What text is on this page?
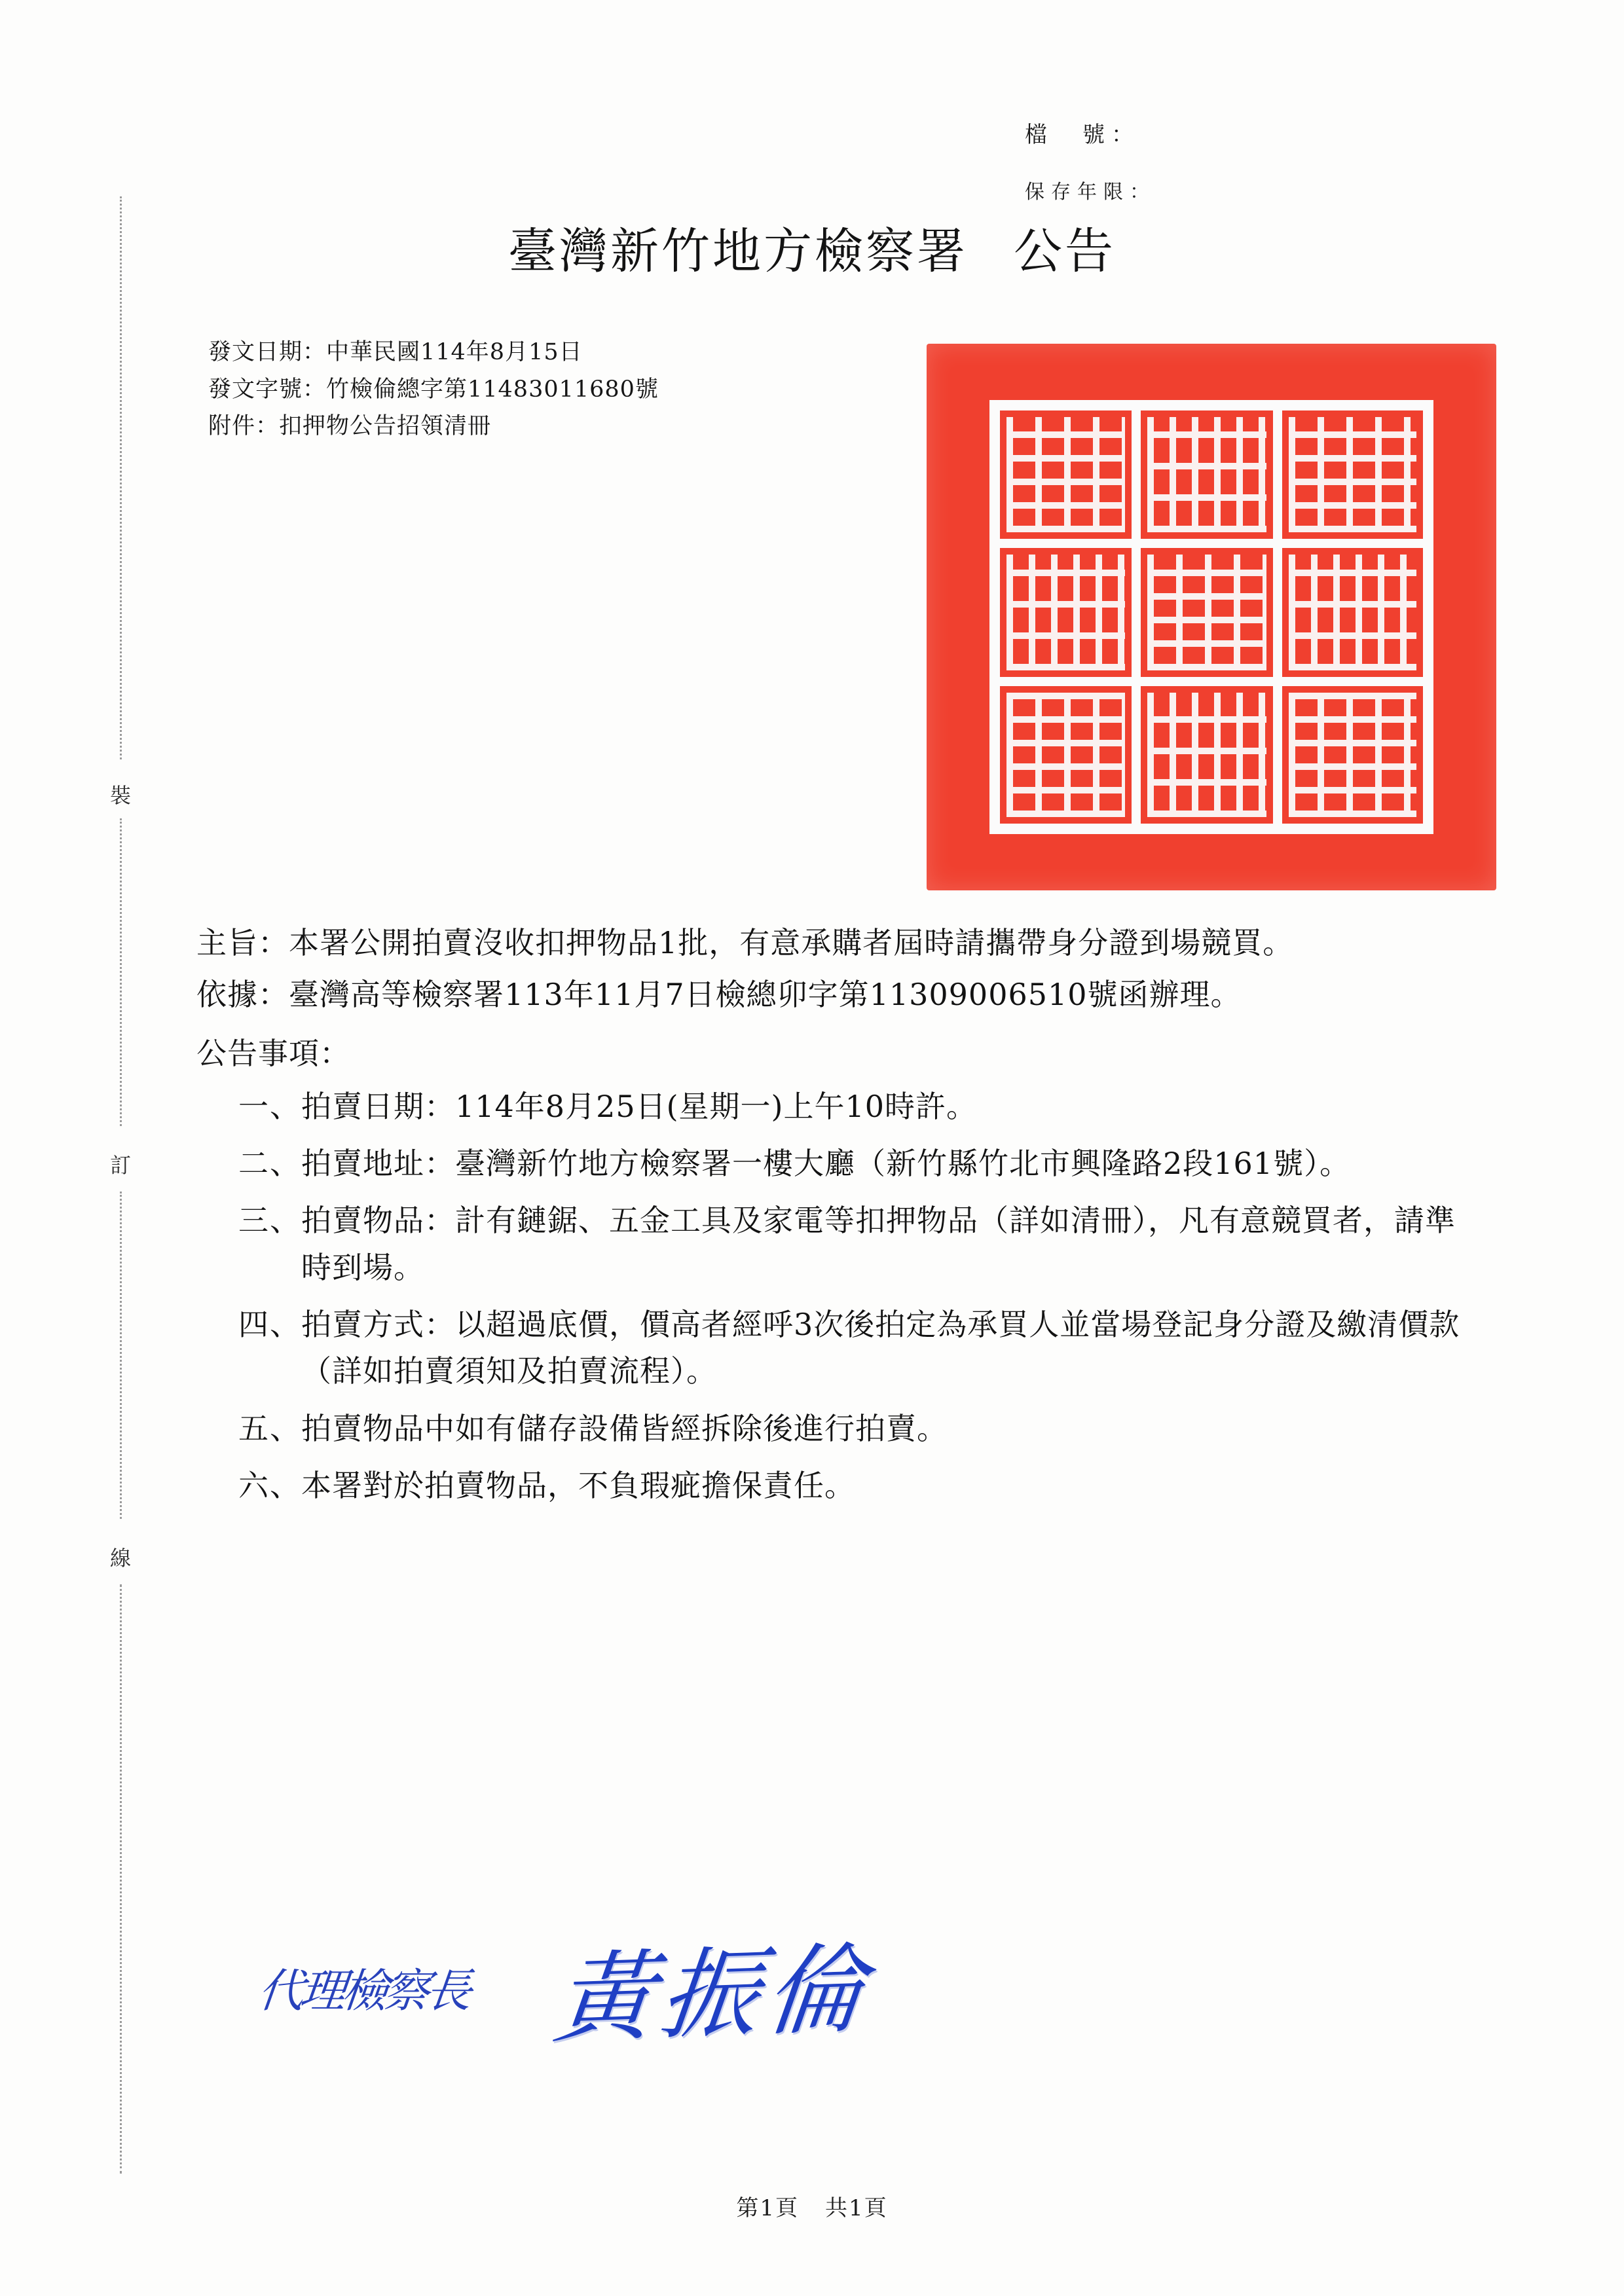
檔　號：
保存年限：
臺灣新竹地方檢察署 公告
發文日期：中華民國114年8月15日
發文字號：竹檢倫總字第11483011680號
附件：扣押物公告招領清冊
主旨： 本署公開拍賣沒收扣押物品1批，有意承購者屆時請攜帶身分證到場競買。
依據： 臺灣高等檢察署113年11月7日檢總卯字第11309006510號函辦理。
公告事項：
一、 拍賣日期：114年8月25日(星期一)上午10時許。
二、 拍賣地址：臺灣新竹地方檢察署一樓大廳（新竹縣竹北市興隆路2段161號）。
三、 拍賣物品：計有鏈鋸、五金工具及家電等扣押物品（詳如清冊），凡有意競買者，請準時到場。
四、 拍賣方式：以超過底價，價高者經呼3次後拍定為承買人並當場登記身分證及繳清價款（詳如拍賣須知及拍賣流程）。
五、 拍賣物品中如有儲存設備皆經拆除後進行拍賣。
六、 本署對於拍賣物品，不負瑕疵擔保責任。
代理檢察長 黃振倫
第1頁 共1頁
裝
訂
線
